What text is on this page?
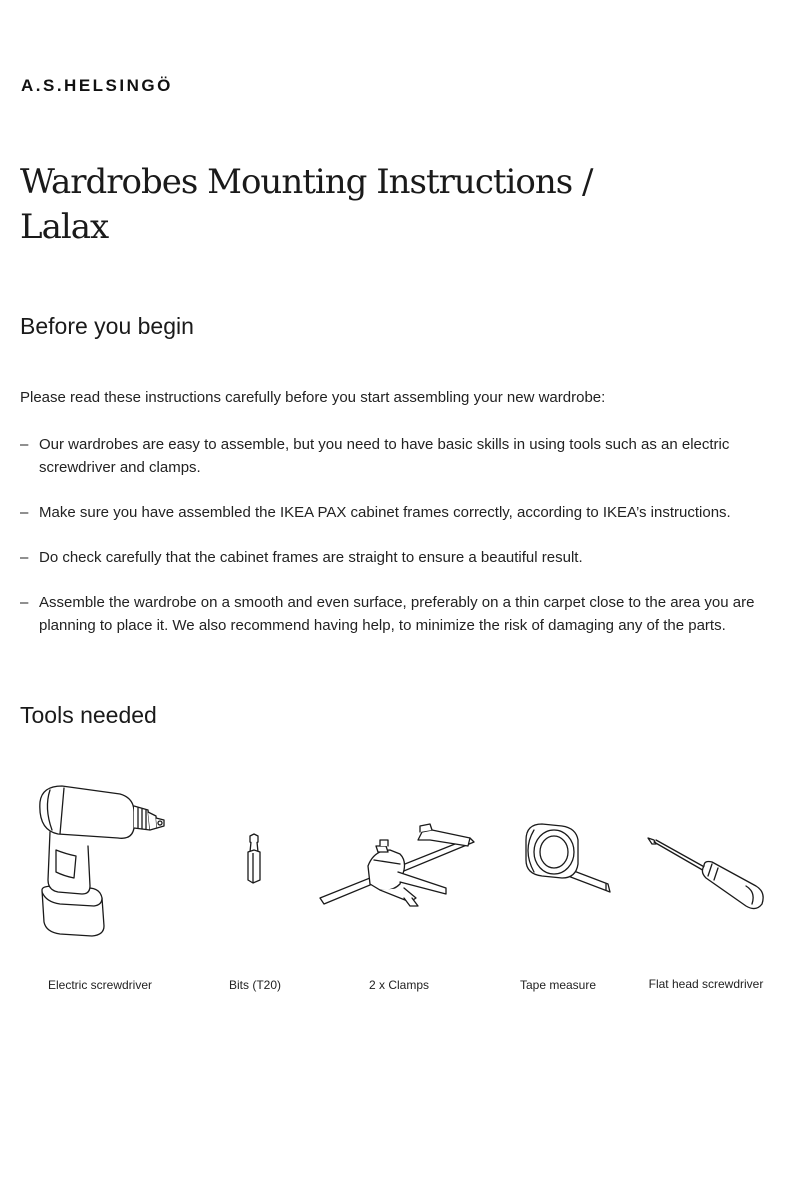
A.S.HELSINGÖ
Wardrobes Mounting Instructions /
Lalax
Before you begin

Please read these instructions carefully before you start assembling your new wardrobe:

– Our wardrobes are easy to assemble, but you need to have basic skills in using tools such as an electric screwdriver and clamps.
– Make sure you have assembled the IKEA PAX cabinet frames correctly, according to IKEA’s instructions.
– Do check carefully that the cabinet frames are straight to ensure a beautiful result.
– Assemble the wardrobe on a smooth and even surface, preferably on a thin carpet close to the area you are planning to place it. We also recommend having help, to minimize the risk of damaging any of the parts.
Tools needed
Electric screwdriver	Bits (T20)	2 x Clamps	Tape measure	Flat head screwdriver
